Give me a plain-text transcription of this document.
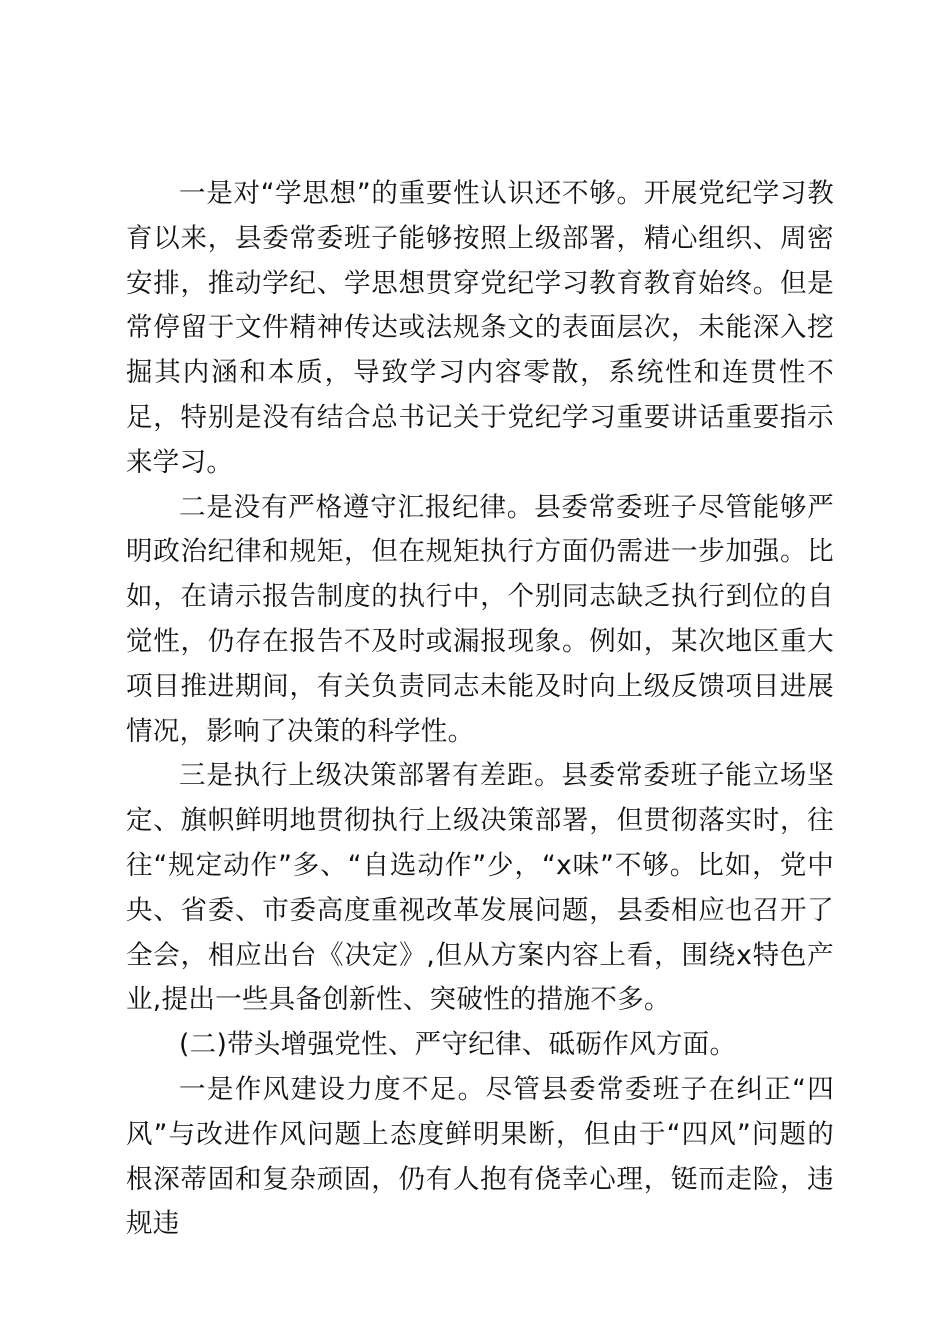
一是对“学思想”的重要性认识还不够。开展党纪学习教育以来，县委常委班子能够按照上级部署，精心组织、周密安排，推动学纪、学思想贯穿党纪学习教育教育始终。但是常停留于文件精神传达或法规条文的表面层次，未能深入挖掘其内涵和本质，导致学习内容零散，系统性和连贯性不足，特别是没有结合总书记关于党纪学习重要讲话重要指示来学习。

二是没有严格遵守汇报纪律。县委常委班子尽管能够严明政治纪律和规矩，但在规矩执行方面仍需进一步加强。比如，在请示报告制度的执行中，个别同志缺乏执行到位的自觉性，仍存在报告不及时或漏报现象。例如，某次地区重大项目推进期间，有关负责同志未能及时向上级反馈项目进展情况，影响了决策的科学性。

三是执行上级决策部署有差距。县委常委班子能立场坚定、旗帜鲜明地贯彻执行上级决策部署，但贯彻落实时，往往“规定动作”多、“自选动作”少，“x味”不够。比如，党中央、省委、市委高度重视改革发展问题，县委相应也召开了全会，相应出台《决定》,但从方案内容上看，围绕x特色产业,提出一些具备创新性、突破性的措施不多。

(二)带头增强党性、严守纪律、砥砺作风方面。

一是作风建设力度不足。尽管县委常委班子在纠正“四风”与改进作风问题上态度鲜明果断，但由于“四风”问题的根深蒂固和复杂顽固，仍有人抱有侥幸心理，铤而走险，违规违
